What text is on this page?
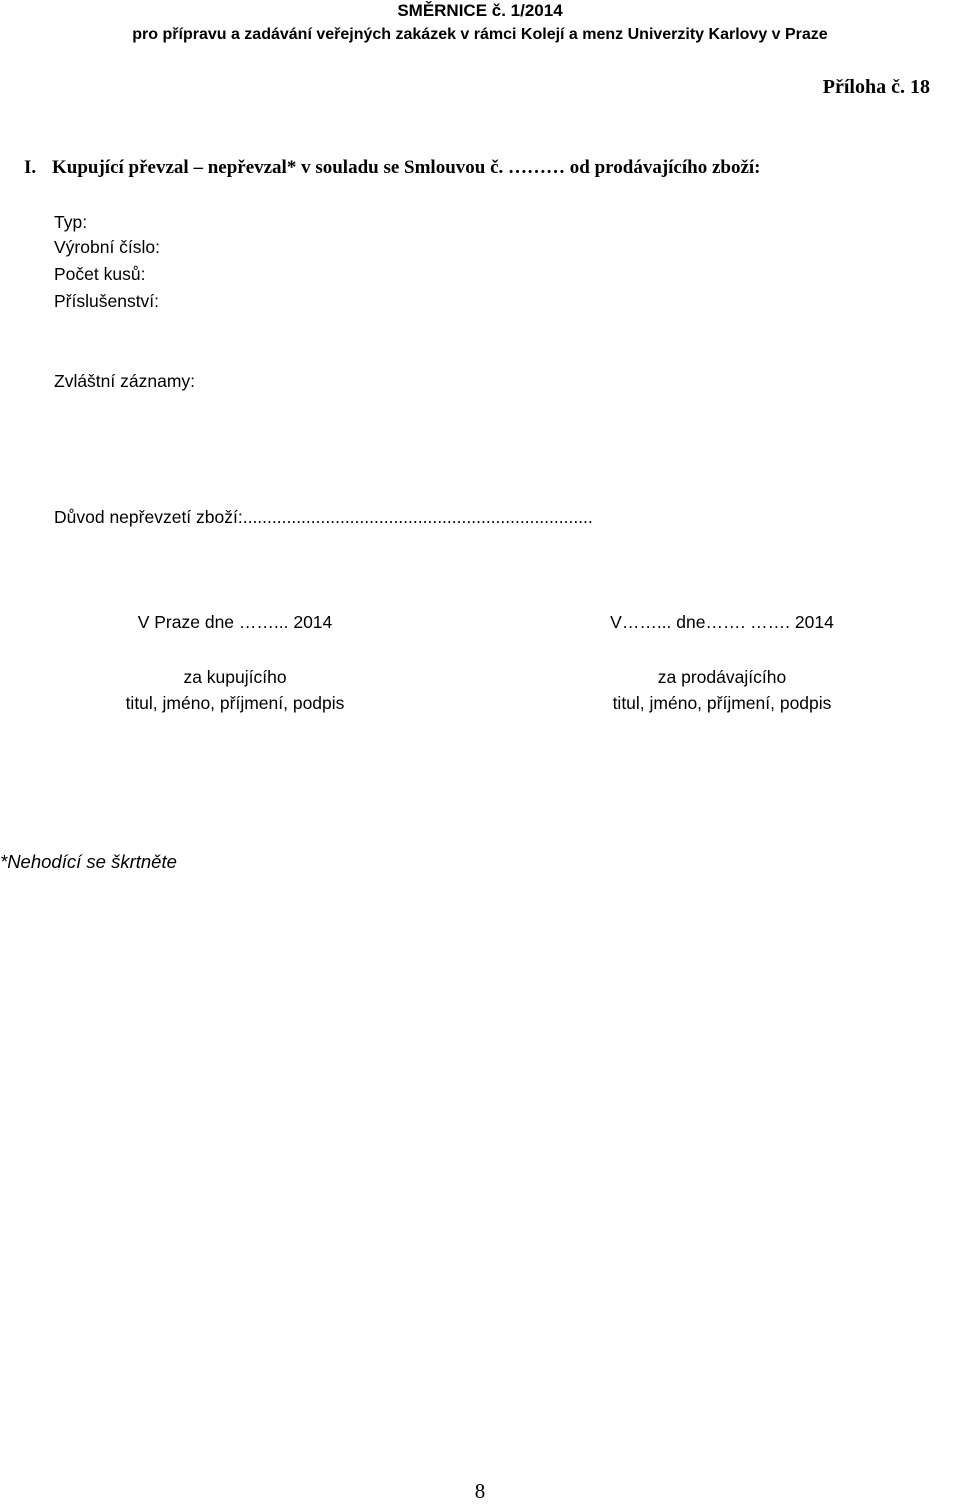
SMĚRNICE č. 1/2014
pro přípravu a zadávání veřejných zakázek v rámci Kolejí a menz Univerzity Karlovy v Praze
Příloha č. 18
I. Kupující převzal – nepřevzal* v souladu se Smlouvou č. ……… od prodávajícího zboží:
Typ:
Výrobní číslo:
Počet kusů:
Příslušenství:
Zvláštní záznamy:
Důvod nepřevzetí zboží:........................................................................
V Praze dne ……... 2014
za kupujícího
titul, jméno, příjmení, podpis
V……... dne……. ……. 2014
za prodávajícího
titul, jméno, příjmení, podpis
*Nehodící se škrtněte
8
